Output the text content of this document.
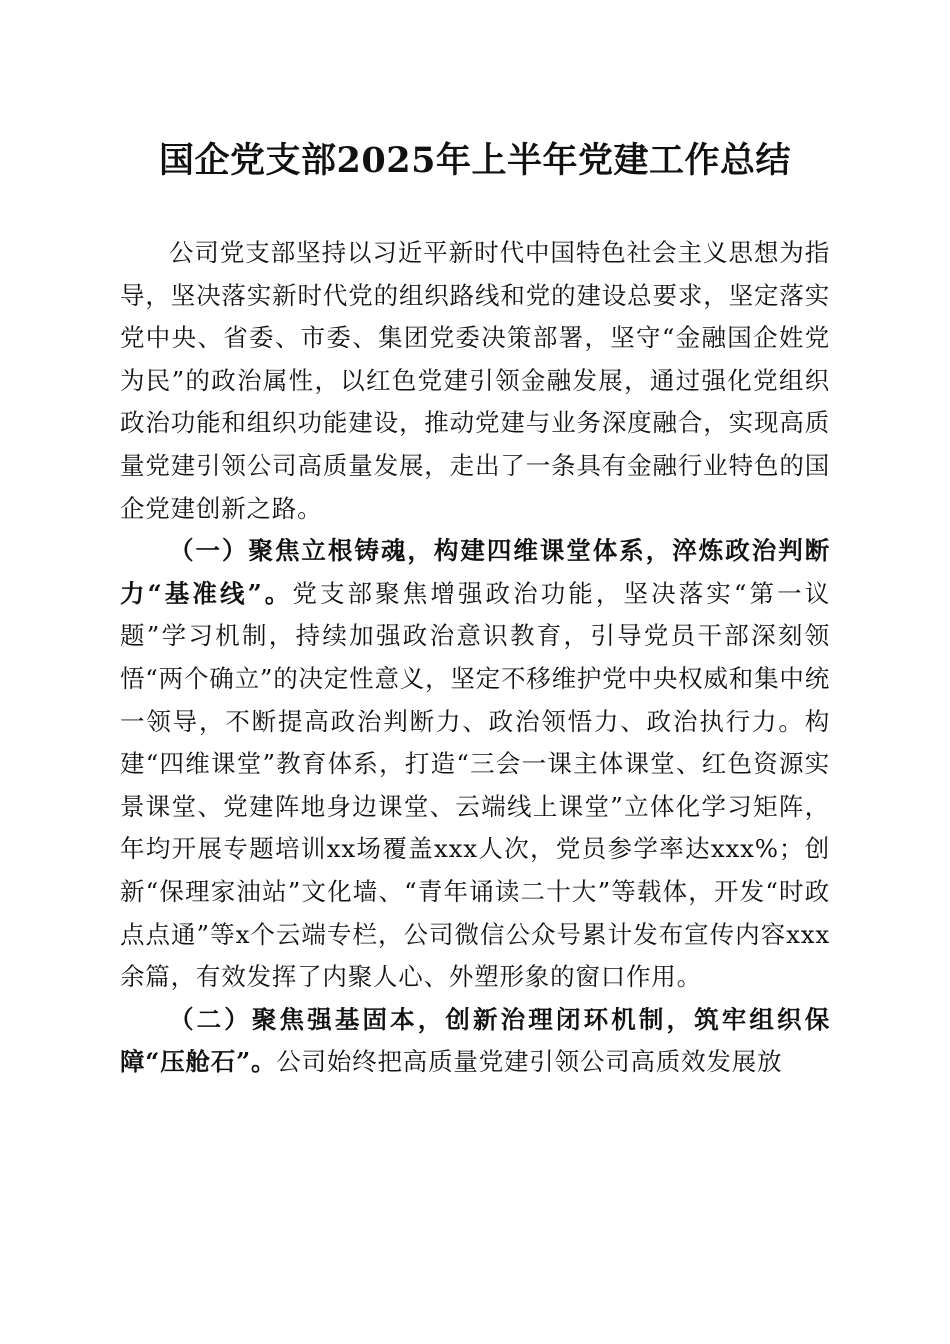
国企党支部2025年上半年党建工作总结

公司党支部坚持以习近平新时代中国特色社会主义思想为指导，坚决落实新时代党的组织路线和党的建设总要求，坚定落实党中央、省委、市委、集团党委决策部署，坚守“金融国企姓党为民”的政治属性，以红色党建引领金融发展，通过强化党组织政治功能和组织功能建设，推动党建与业务深度融合，实现高质量党建引领公司高质量发展，走出了一条具有金融行业特色的国企党建创新之路。

（一）聚焦立根铸魂，构建四维课堂体系，淬炼政治判断力“基准线”。党支部聚焦增强政治功能，坚决落实“第一议题”学习机制，持续加强政治意识教育，引导党员干部深刻领悟“两个确立”的决定性意义，坚定不移维护党中央权威和集中统一领导，不断提高政治判断力、政治领悟力、政治执行力。构建“四维课堂”教育体系，打造“三会一课主体课堂、红色资源实景课堂、党建阵地身边课堂、云端线上课堂”立体化学习矩阵，年均开展专题培训xx场覆盖xxx人次，党员参学率达xxx%；创新“保理家油站”文化墙、“青年诵读二十大”等载体，开发“时政点点通”等x个云端专栏，公司微信公众号累计发布宣传内容xxx余篇，有效发挥了内聚人心、外塑形象的窗口作用。

（二）聚焦强基固本，创新治理闭环机制，筑牢组织保障“压舱石”。公司始终把高质量党建引领公司高质效发展放
